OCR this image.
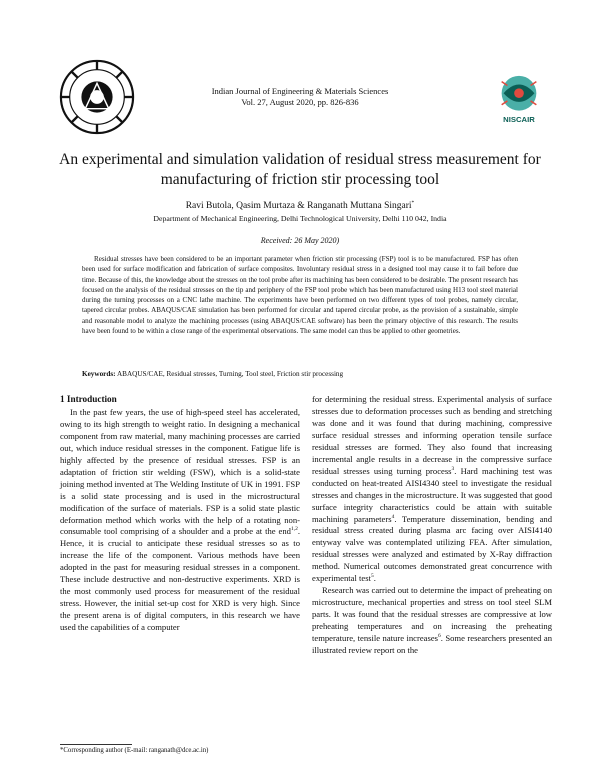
NISCAIR
Indian Journal of Engineering & Materials Sciences
Vol. 27, August 2020, pp. 826-836
An experimental and simulation validation of residual stress measurement for manufacturing of friction stir processing tool
Ravi Butola, Qasim Murtaza & Ranganath Muttana Singari*
Department of Mechanical Engineering, Delhi Technological University, Delhi 110 042, India
Received: 26 May 2020)

Residual stresses have been considered to be an important parameter when friction stir processing (FSP) tool is to be manufactured. FSP has often been used for surface modification and fabrication of surface composites. Involuntary residual stress in a designed tool may cause it to fail before due time. Because of this, the knowledge about the stresses on the tool probe after its machining has been considered to be desirable. The present research has focused on the analysis of the residual stresses on the tip and periphery of the FSP tool probe which has been manufactured using H13 tool steel material during the turning processes on a CNC lathe machine. The experiments have been performed on two different types of tool probes, namely circular, tapered circular probes. ABAQUS/CAE simulation has been performed for circular and tapered circular probe, as the provision of a sustainable, simple and reasonable model to analyze the machining processes (using ABAQUS/CAE software) has been the primary objective of this research. The results have been found to be within a close range of the experimental observations. The same model can thus be applied to other geometries.

Keywords: ABAQUS/CAE, Residual stresses, Turning, Tool steel, Friction stir processing
1 Introduction

In the past few years, the use of high-speed steel has accelerated, owing to its high strength to weight ratio. In designing a mechanical component from raw material, many machining processes are carried out, which induce residual stresses in the component. Fatigue life is highly affected by the presence of residual stresses. FSP is an adaptation of friction stir welding (FSW), which is a solid-state joining method invented at The Welding Institute of UK in 1991. FSP is a solid state processing and is used in the microstructural modification of the surface of materials. FSP is a solid state plastic deformation method which works with the help of a rotating non-consumable tool comprising of a shoulder and a probe at the end$^{1,2}$. Hence, it is crucial to anticipate these residual stresses so as to increase the life of the component. Various methods have been adopted in the past for measuring residual stresses in a component. These include destructive and non-destructive experiments. XRD is the most commonly used process for measurement of the residual stress. However, the initial set-up cost for XRD is very high. Since the present arena is of digital computers, in this research we have used the capabilities of a computer

for determining the residual stress. Experimental analysis of surface stresses due to deformation processes such as bending and stretching was done and it was found that during machining, compressive surface residual stresses and informing operation tensile surface residual stresses are formed. They also found that increasing incremental angle results in a decrease in the compressive surface residual stresses using turning process$^3$. Hard machining test was conducted on heat-treated AISI4340 steel to investigate the residual stresses and changes in the microstructure. It was suggested that good surface integrity characteristics could be attain with suitable machining parameters$^4$. Temperature dissemination, bending and residual stress created during plasma arc facing over AISI4140 entyway valve was contemplated utilizing FEA. After simulation, residual stresses were analyzed and estimated by X-Ray diffraction method. Numerical outcomes demonstrated great concurrence with experimental test$^5$.

Research was carried out to determine the impact of preheating on microstructure, mechanical properties and stress on tool steel SLM parts. It was found that the residual stresses are compressive at low preheating temperatures and on increasing the preheating temperature, tensile nature increases$^6$. Some researchers presented an illustrated review report on the

*Corresponding author (E-mail: ranganath@dce.ac.in)
